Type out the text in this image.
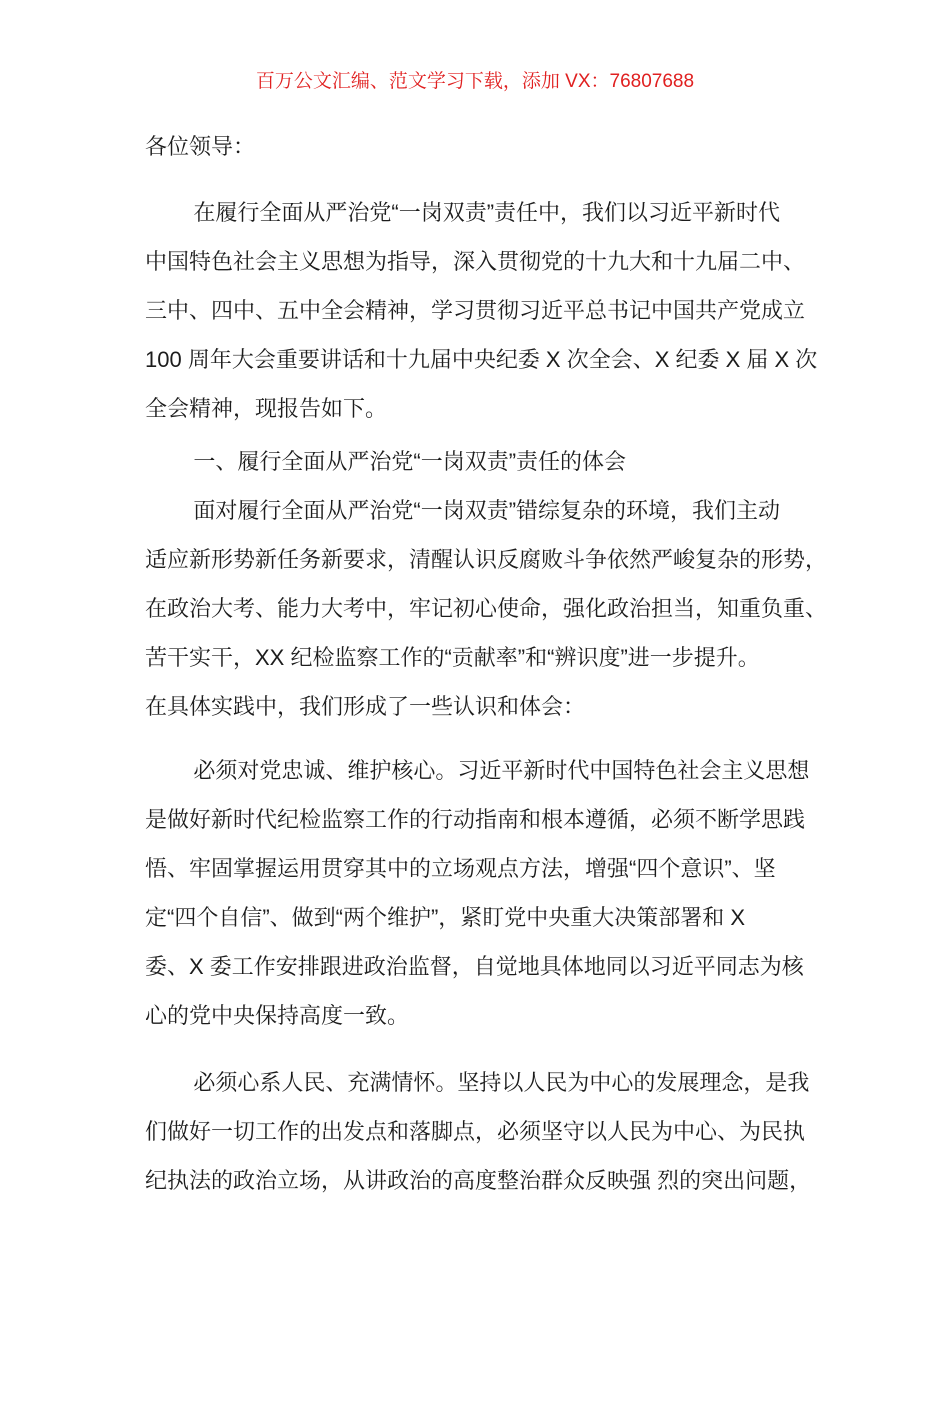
百万公文汇编、范文学习下载，添加 VX：76807688
各位领导：
在履行全面从严治党“一岗双责”责任中，我们以习近平新时代
中国特色社会主义思想为指导，深入贯彻党的十九大和十九届二中、
三中、四中、五中全会精神，学习贯彻习近平总书记中国共产党成立
100 周年大会重要讲话和十九届中央纪委 X 次全会、X 纪委 X 届 X 次
全会精神，现报告如下。
一、履行全面从严治党“一岗双责”责任的体会
面对履行全面从严治党“一岗双责”错综复杂的环境，我们主动
适应新形势新任务新要求，清醒认识反腐败斗争依然严峻复杂的形势，
在政治大考、能力大考中，牢记初心使命，强化政治担当，知重负重、
苦干实干，XX 纪检监察工作的“贡献率”和“辨识度”进一步提升。
在具体实践中，我们形成了一些认识和体会：
必须对党忠诚、维护核心。习近平新时代中国特色社会主义思想
是做好新时代纪检监察工作的行动指南和根本遵循，必须不断学思践
悟、牢固掌握运用贯穿其中的立场观点方法，增强“四个意识”、坚
定“四个自信”、做到“两个维护”，紧盯党中央重大决策部署和 X
委、X 委工作安排跟进政治监督，自觉地具体地同以习近平同志为核
心的党中央保持高度一致。
必须心系人民、充满情怀。坚持以人民为中心的发展理念，是我
们做好一切工作的出发点和落脚点，必须坚守以人民为中心、为民执
纪执法的政治立场，从讲政治的高度整治群众反映强 烈的突出问题，
